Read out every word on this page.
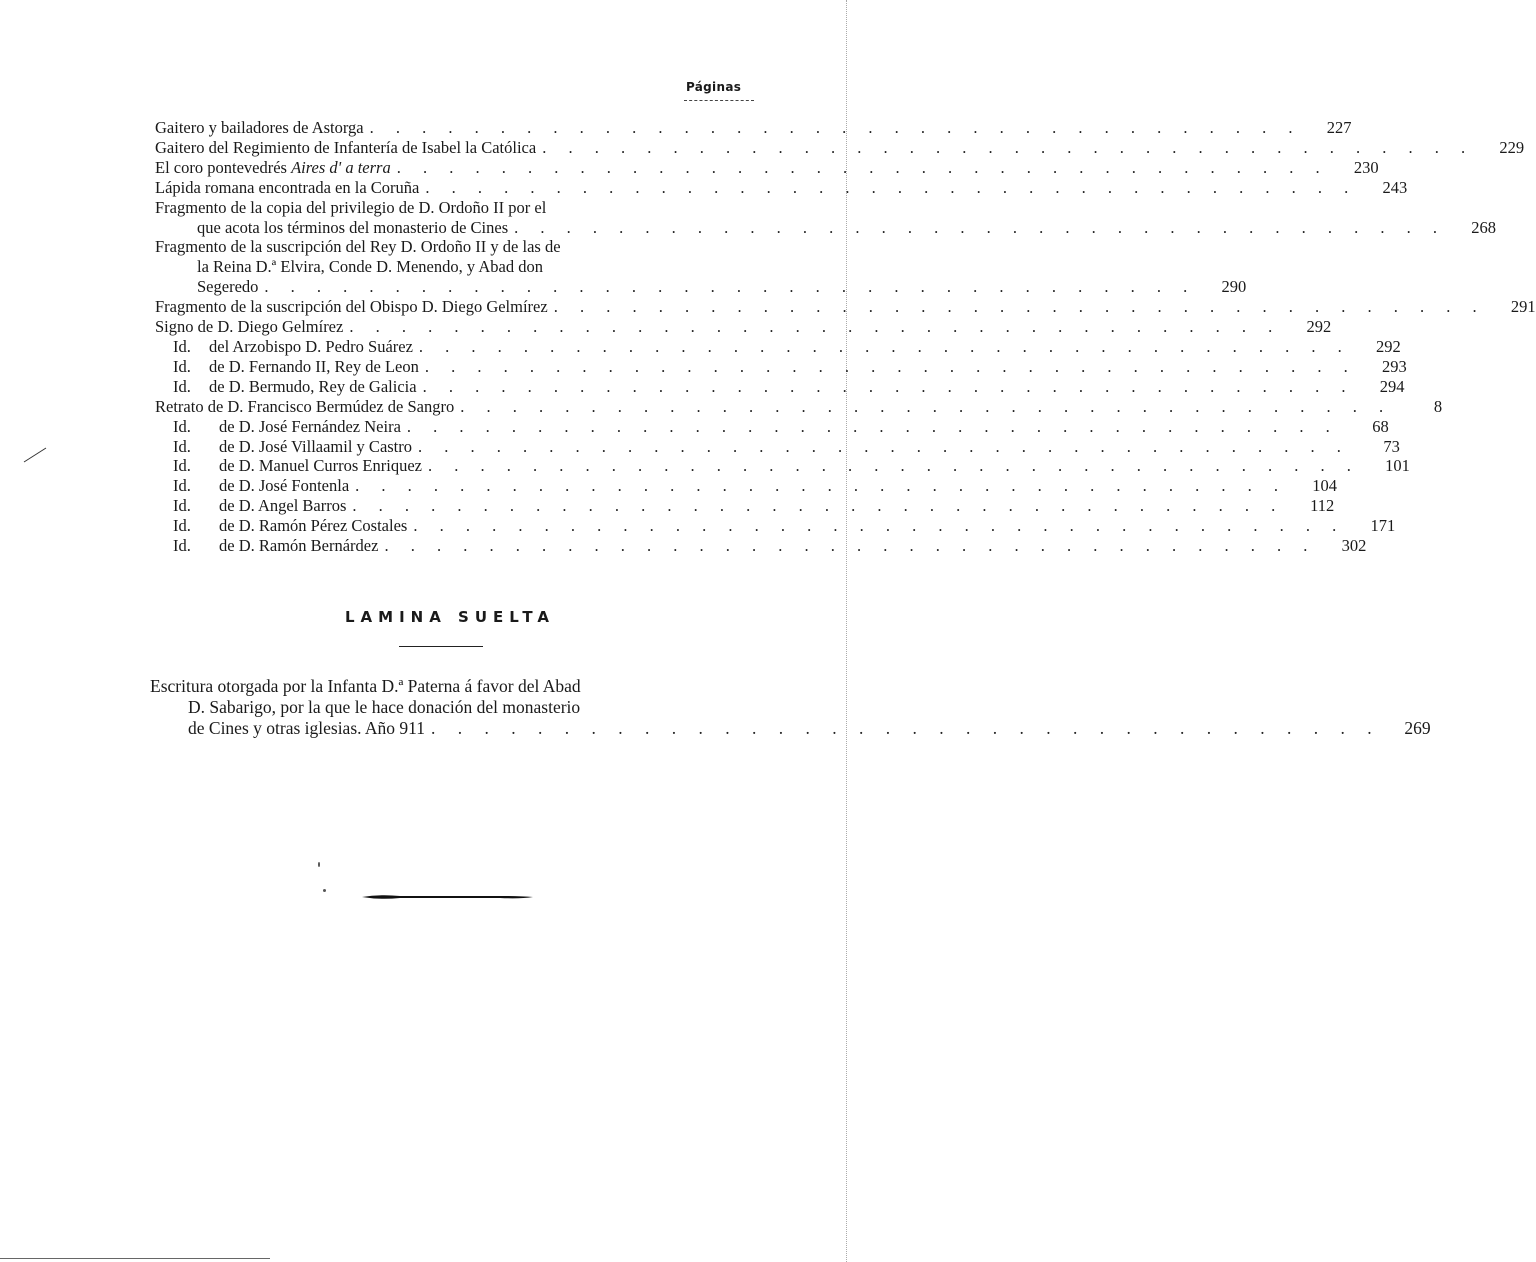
Páginas
Gaitero y bailadores de Astorga . . . . . . . . . . . . . . . . . . . . . . . . . . . . . . . . . . . .	227
Gaitero del Regimiento de Infantería de Isabel la Católica . . . . . . . . . . . . . . . . . . . . . . . . . . . . . . . . . . . .	229
El coro pontevedrés Aires d' a terra . . . . . . . . . . . . . . . . . . . . . . . . . . . . . . . . . . . .	230
Lápida romana encontrada en la Coruña . . . . . . . . . . . . . . . . . . . . . . . . . . . . . . . . . . . .	243
Fragmento de la copia del privilegio de D. Ordoño II por el
que acota los términos del monasterio de Cines . . . . . . . . . . . . . . . . . . . . . . . . . . . . . . . . . . . .	268
Fragmento de la suscripción del Rey D. Ordoño II y de las de
la Reina D.ª Elvira, Conde D. Menendo, y Abad don
Segeredo . . . . . . . . . . . . . . . . . . . . . . . . . . . . . . . . . . . .	290
Fragmento de la suscripción del Obispo D. Diego Gelmírez . . . . . . . . . . . . . . . . . . . . . . . . . . . . . . . . . . . .	291
Signo de D. Diego Gelmírez . . . . . . . . . . . . . . . . . . . . . . . . . . . . . . . . . . . .	292
Id.	del Arzobispo D. Pedro Suárez . . . . . . . . . . . . . . . . . . . . . . . . . . . . . . . . . . . .	292
Id.	de D. Fernando II, Rey de Leon . . . . . . . . . . . . . . . . . . . . . . . . . . . . . . . . . . . .	293
Id.	de D. Bermudo, Rey de Galicia . . . . . . . . . . . . . . . . . . . . . . . . . . . . . . . . . . . .	294
Retrato de D. Francisco Bermúdez de Sangro . . . . . . . . . . . . . . . . . . . . . . . . . . . . . . . . . . . .	8
Id.	de D. José Fernández Neira . . . . . . . . . . . . . . . . . . . . . . . . . . . . . . . . . . . .	68
Id.	de D. José Villaamil y Castro . . . . . . . . . . . . . . . . . . . . . . . . . . . . . . . . . . . .	73
Id.	de D. Manuel Curros Enriquez . . . . . . . . . . . . . . . . . . . . . . . . . . . . . . . . . . . .	101
Id.	de D. José Fontenla . . . . . . . . . . . . . . . . . . . . . . . . . . . . . . . . . . . .	104
Id.	de D. Angel Barros . . . . . . . . . . . . . . . . . . . . . . . . . . . . . . . . . . . .	112
Id.	de D. Ramón Pérez Costales . . . . . . . . . . . . . . . . . . . . . . . . . . . . . . . . . . . .	171
Id.	de D. Ramón Bernárdez . . . . . . . . . . . . . . . . . . . . . . . . . . . . . . . . . . . .	302
LAMINA SUELTA
Escritura otorgada por la Infanta D.ª Paterna á favor del Abad
D. Sabarigo, por la que le hace donación del monasterio
de Cines y otras iglesias. Año 911 . . . . . . . . . . . . . . . . . . . . . . . . . . . . . . . . . . . .	269
